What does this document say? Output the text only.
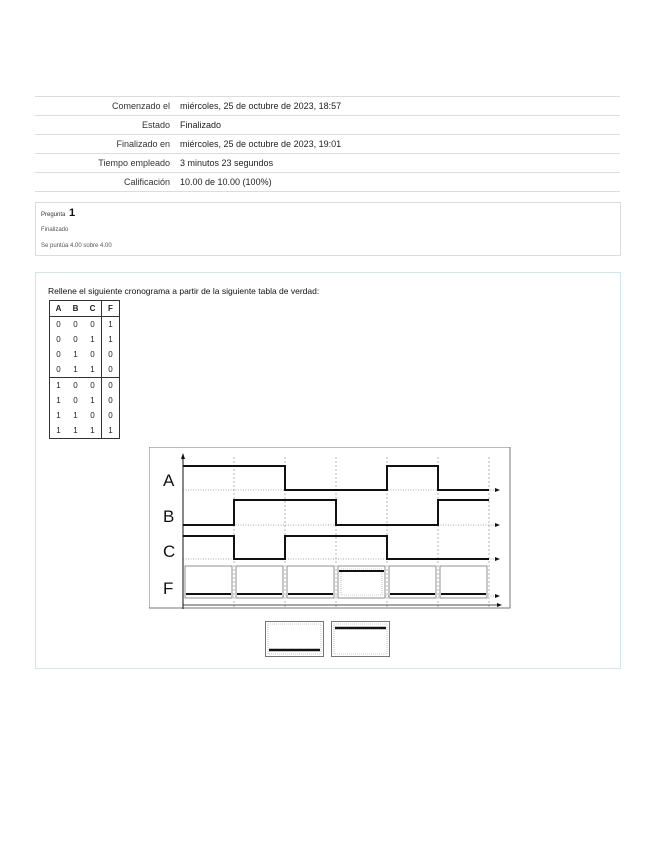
Comenzado el	miércoles, 25 de octubre de 2023, 18:57
Estado	Finalizado
Finalizado en	miércoles, 25 de octubre de 2023, 19:01
Tiempo empleado	3 minutos 23 segundos
Calificación	10.00 de 10.00 (100%)
Pregunta 1
Finalizado
Se puntúa 4.00 sobre 4.00
Rellene el siguiente cronograma a partir de la siguiente tabla de verdad:
A	B	C	F
0	0	0	1
0	0	1	1
0	1	0	0
0	1	1	0
1	0	0	0
1	0	1	0
1	1	0	0
1	1	1	1
A
B
C
F
